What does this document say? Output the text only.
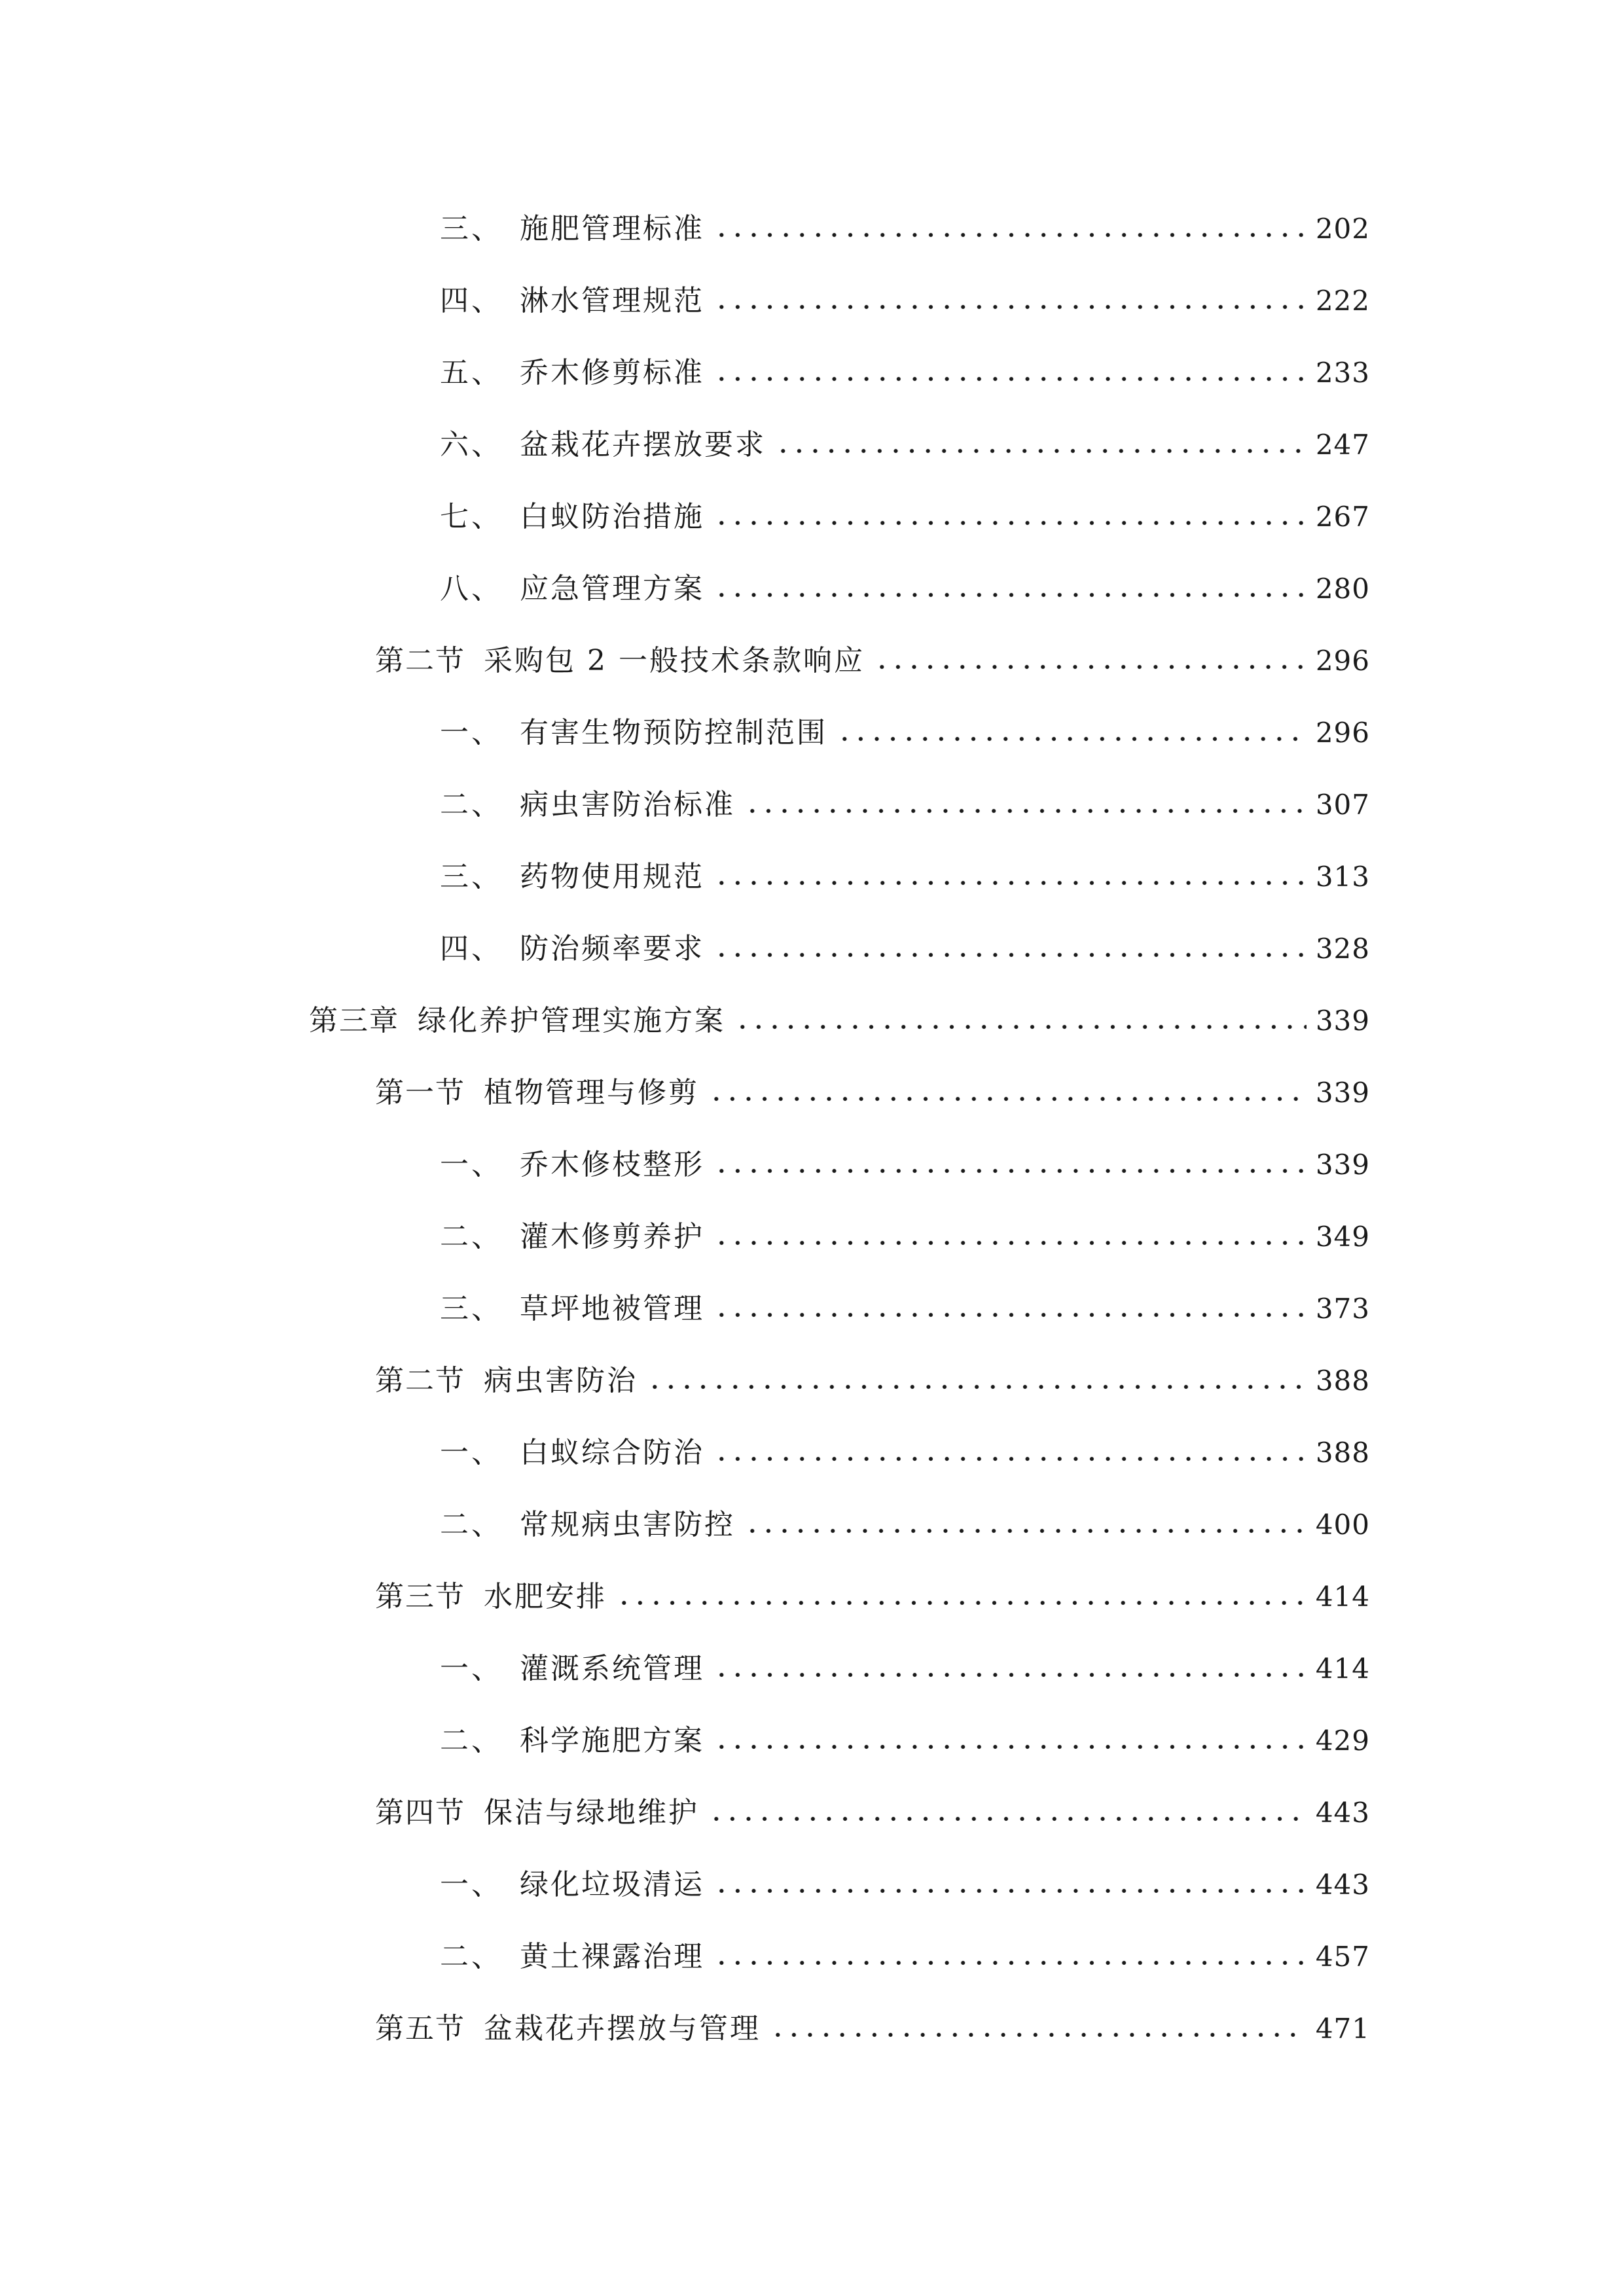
三、 施肥管理标准	202
四、 淋水管理规范	222
五、 乔木修剪标准	233
六、 盆栽花卉摆放要求	247
七、 白蚁防治措施	267
八、 应急管理方案	280
第二节 采购包 2 一般技术条款响应	296
一、 有害生物预防控制范围	296
二、 病虫害防治标准	307
三、 药物使用规范	313
四、 防治频率要求	328
第三章 绿化养护管理实施方案	339
第一节 植物管理与修剪	339
一、 乔木修枝整形	339
二、 灌木修剪养护	349
三、 草坪地被管理	373
第二节 病虫害防治	388
一、 白蚁综合防治	388
二、 常规病虫害防控	400
第三节 水肥安排	414
一、 灌溉系统管理	414
二、 科学施肥方案	429
第四节 保洁与绿地维护	443
一、 绿化垃圾清运	443
二、 黄土裸露治理	457
第五节 盆栽花卉摆放与管理	471
